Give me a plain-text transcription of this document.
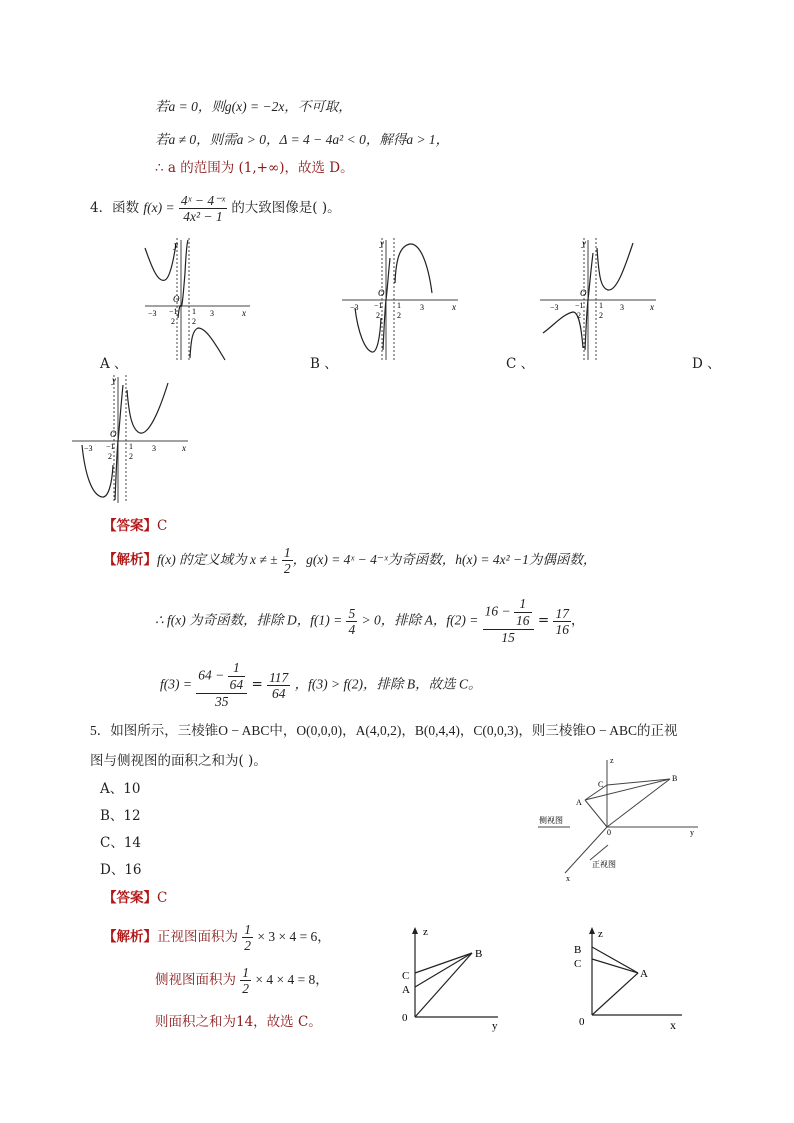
若a = 0，则g(x) = −2x，不可取，
若a ≠ 0，则需a > 0，Δ = 4 − 4a² < 0，解得a > 1，
∴ a 的范围为 (1,+∞)，故选 D。
4．函数 $f(x) = \frac{\text{4ˣ − 4⁻ˣ}}{\text{4x² − 1}}$ 的大致图像是( )。
y
x
O
−3	3
−1
2
1
2
A 、
y
x
O
−3	3
−1
2
1
2
B 、
y
x
O
−3	3
−1
2
1
2
C 、	D 、
y
x
O
−3	3
−1
2
1
2
【答案】C
【解析】f(x) 的定义域为 x ≠ ± $\frac{1}{2}$ ，g(x) = 4ˣ − 4⁻ˣ为奇函数，h(x) = 4x² −1为偶函数，
∴ f(x) 为奇函数，排除 D，$f(1) = \frac{5}{4} > 0$，排除 A，$f(2) = \frac{16 - \frac{1}{16}}{15} = \frac{17}{16}$ ，
$f(3) = \frac{64 - \frac{1}{64}}{35} = \frac{117}{64}$ ，f(3) > f(2)，排除 B，故选 C。
5．如图所示，三棱锥O − ABC中，O(0,0,0)，A(4,0,2)，B(0,4,4)，C(0,0,3)，则三棱锥O − ABC的正视
图与侧视图的面积之和为( )。
A、10
B、12
C、14
D、16
z
y
x
B
C
A
0
侧视图
正视图
【答案】C
【解析】正视图面积为 $\frac{1}{2} \times 3 \times 4 = 6$，
侧视图面积为 $\frac{1}{2} \times 4 \times 4 = 8$，
则面积之和为14，故选 C。
z
B
C
A
0
y
z
B
C
A
0	x
